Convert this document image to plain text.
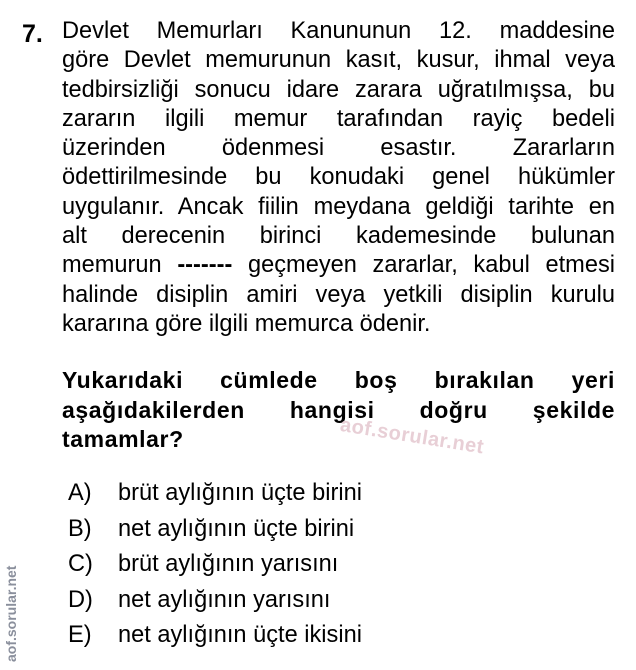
7. Devlet Memurları Kanununun 12. maddesine
göre Devlet memurunun kasıt, kusur, ihmal veya
tedbirsizliği sonucu idare zarara uğratılmışsa, bu
zararın ilgili memur tarafından rayiç bedeli
üzerinden ödenmesi esastır. Zararların
ödettirilmesinde bu konudaki genel hükümler
uygulanır. Ancak fiilin meydana geldiği tarihte en
alt derecenin birinci kademesinde bulunan
memurun ------- geçmeyen zararlar, kabul etmesi
halinde disiplin amiri veya yetkili disiplin kurulu
kararına göre ilgili memurca ödenir.
Yukarıdaki cümlede boş bırakılan yeri
aşağıdakilerden hangisi doğru şekilde
tamamlar?	aof.sorular.net
A)	brüt aylığının üçte birini
B)	net aylığının üçte birini
C)	brüt aylığının yarısını
D)	net aylığının yarısını
E)	net aylığının üçte ikisini
aof.sorular.net
